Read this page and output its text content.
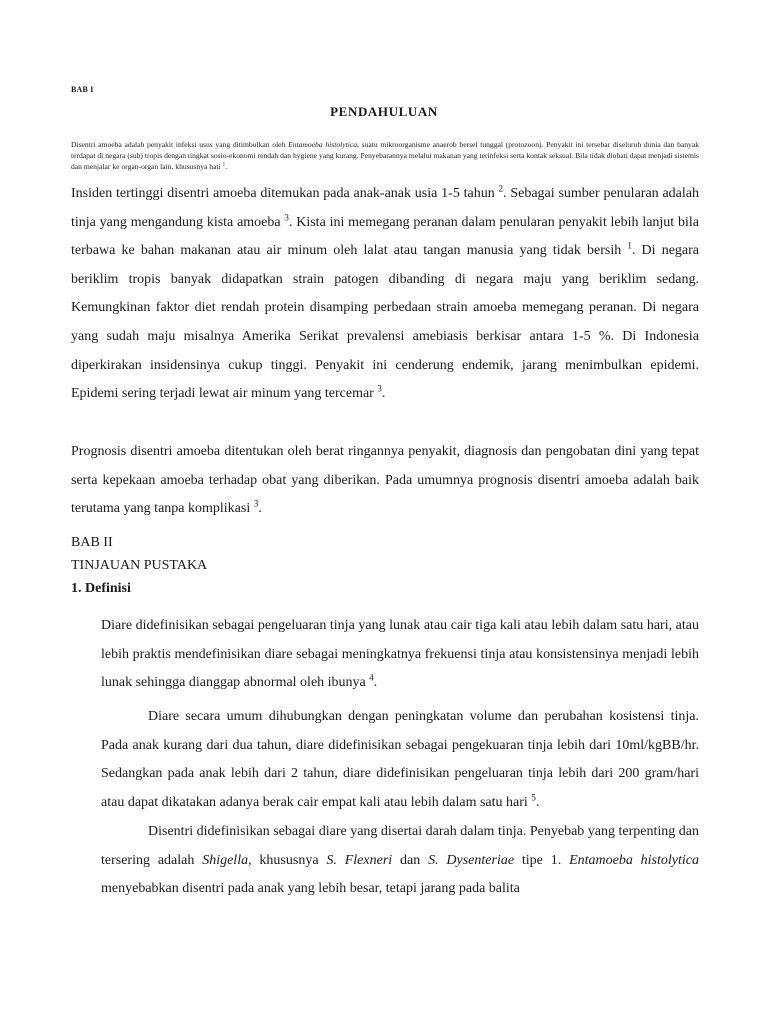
BAB I
PENDAHULUAN

Disentri amoeba adalah penyakit infeksi usus yang ditimbulkan oleh Entamoeba histolytica, suatu mikroorganisme anaerob bersel tunggal (protozoon). Penyakit ini tersebar diseluruh dunia dan banyak terdapat di negara (sub) tropis dengan tingkat sosio-ekonomi rendah dan hygiene yang kurang. Penyebarannya melalui makanan yang terinfeksi serta kontak seksual. Bila tidak diobati dapat menjadi sistemis dan menjalar ke organ-organ lain, khususnya hati $^1$.

Insiden tertinggi disentri amoeba ditemukan pada anak-anak usia 1-5 tahun $^2$. Sebagai sumber penularan adalah tinja yang mengandung kista amoeba $^3$. Kista ini memegang peranan dalam penularan penyakit lebih lanjut bila terbawa ke bahan makanan atau air minum oleh lalat atau tangan manusia yang tidak bersih $^1$. Di negara beriklim tropis banyak didapatkan strain patogen dibanding di negara maju yang beriklim sedang. Kemungkinan faktor diet rendah protein disamping perbedaan strain amoeba memegang peranan. Di negara yang sudah maju misalnya Amerika Serikat prevalensi amebiasis berkisar antara 1-5 %. Di Indonesia diperkirakan insidensinya cukup tinggi. Penyakit ini cenderung endemik, jarang menimbulkan epidemi. Epidemi sering terjadi lewat air minum yang tercemar $^3$.

Prognosis disentri amoeba ditentukan oleh berat ringannya penyakit, diagnosis dan pengobatan dini yang tepat serta kepekaan amoeba terhadap obat yang diberikan. Pada umumnya prognosis disentri amoeba adalah baik terutama yang tanpa komplikasi $^3$.

BAB II
TINJAUAN PUSTAKA
1. Definisi

Diare didefinisikan sebagai pengeluaran tinja yang lunak atau cair tiga kali atau lebih dalam satu hari, atau lebih praktis mendefinisikan diare sebagai meningkatnya frekuensi tinja atau konsistensinya menjadi lebih lunak sehingga dianggap abnormal oleh ibunya $^4$.

Diare secara umum dihubungkan dengan peningkatan volume dan perubahan kosistensi tinja. Pada anak kurang dari dua tahun, diare didefinisikan sebagai pengekuaran tinja lebih dari 10ml/kgBB/hr. Sedangkan pada anak lebih dari 2 tahun, diare didefinisikan pengeluaran tinja lebih dari 200 gram/hari atau dapat dikatakan adanya berak cair empat kali atau lebih dalam satu hari $^5$.

Disentri didefinisikan sebagai diare yang disertai darah dalam tinja. Penyebab yang terpenting dan tersering adalah Shigella, khususnya S. Flexneri dan S. Dysenteriae tipe 1. Entamoeba histolytica menyebabkan disentri pada anak yang lebih besar, tetapi jarang pada balita
